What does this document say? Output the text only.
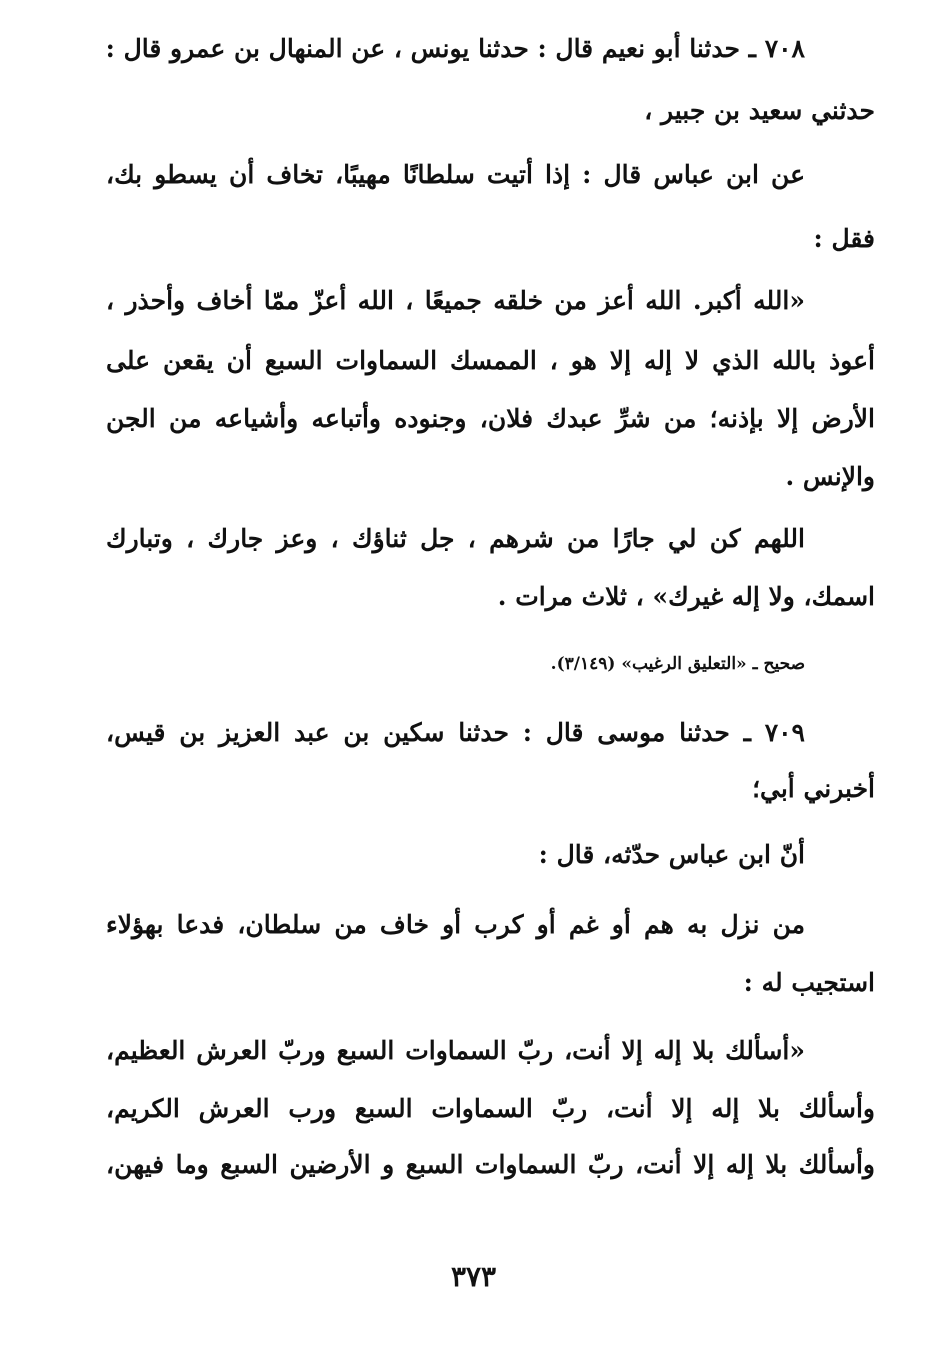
٧٠٨ ـ حدثنا أبو نعيم قال : حدثنا يونس ، عن المنهال بن عمرو قال :

حدثني سعيد بن جبير ،

عن ابن عباس قال : إذا أتيت سلطانًا مهيبًا، تخاف أن يسطو بك،

فقل :

«الله أكبر. الله أعز من خلقه جميعًا ، الله أعزّ ممّا أخاف وأحذر ،

أعوذ بالله الذي لا إله إلا هو ، الممسك السماوات السبع أن يقعن على

الأرض إلا بإذنه؛ من شرِّ عبدك فلان، وجنوده وأتباعه وأشياعه من الجن

والإنس .

اللهم كن لي جارًا من شرهم ، جل ثناؤك ، وعز جارك ، وتبارك

اسمك، ولا إله غيرك» ، ثلاث مرات .

صحيح ـ «التعليق الرغيب» (٣/١٤٩).

٧٠٩ ـ حدثنا موسى قال : حدثنا سكين بن عبد العزيز بن قيس،

أخبرني أبي؛

أنّ ابن عباس حدّثه، قال :

من نزل به هم أو غم أو كرب أو خاف من سلطان، فدعا بهؤلاء

استجيب له :

«أسألك بلا إله إلا أنت، ربّ السماوات السبع وربّ العرش العظيم،

وأسألك بلا إله إلا أنت، ربّ السماوات السبع ورب العرش الكريم،

وأسألك بلا إله إلا أنت، ربّ السماوات السبع و الأرضين السبع وما فيهن،

٣٧٣
